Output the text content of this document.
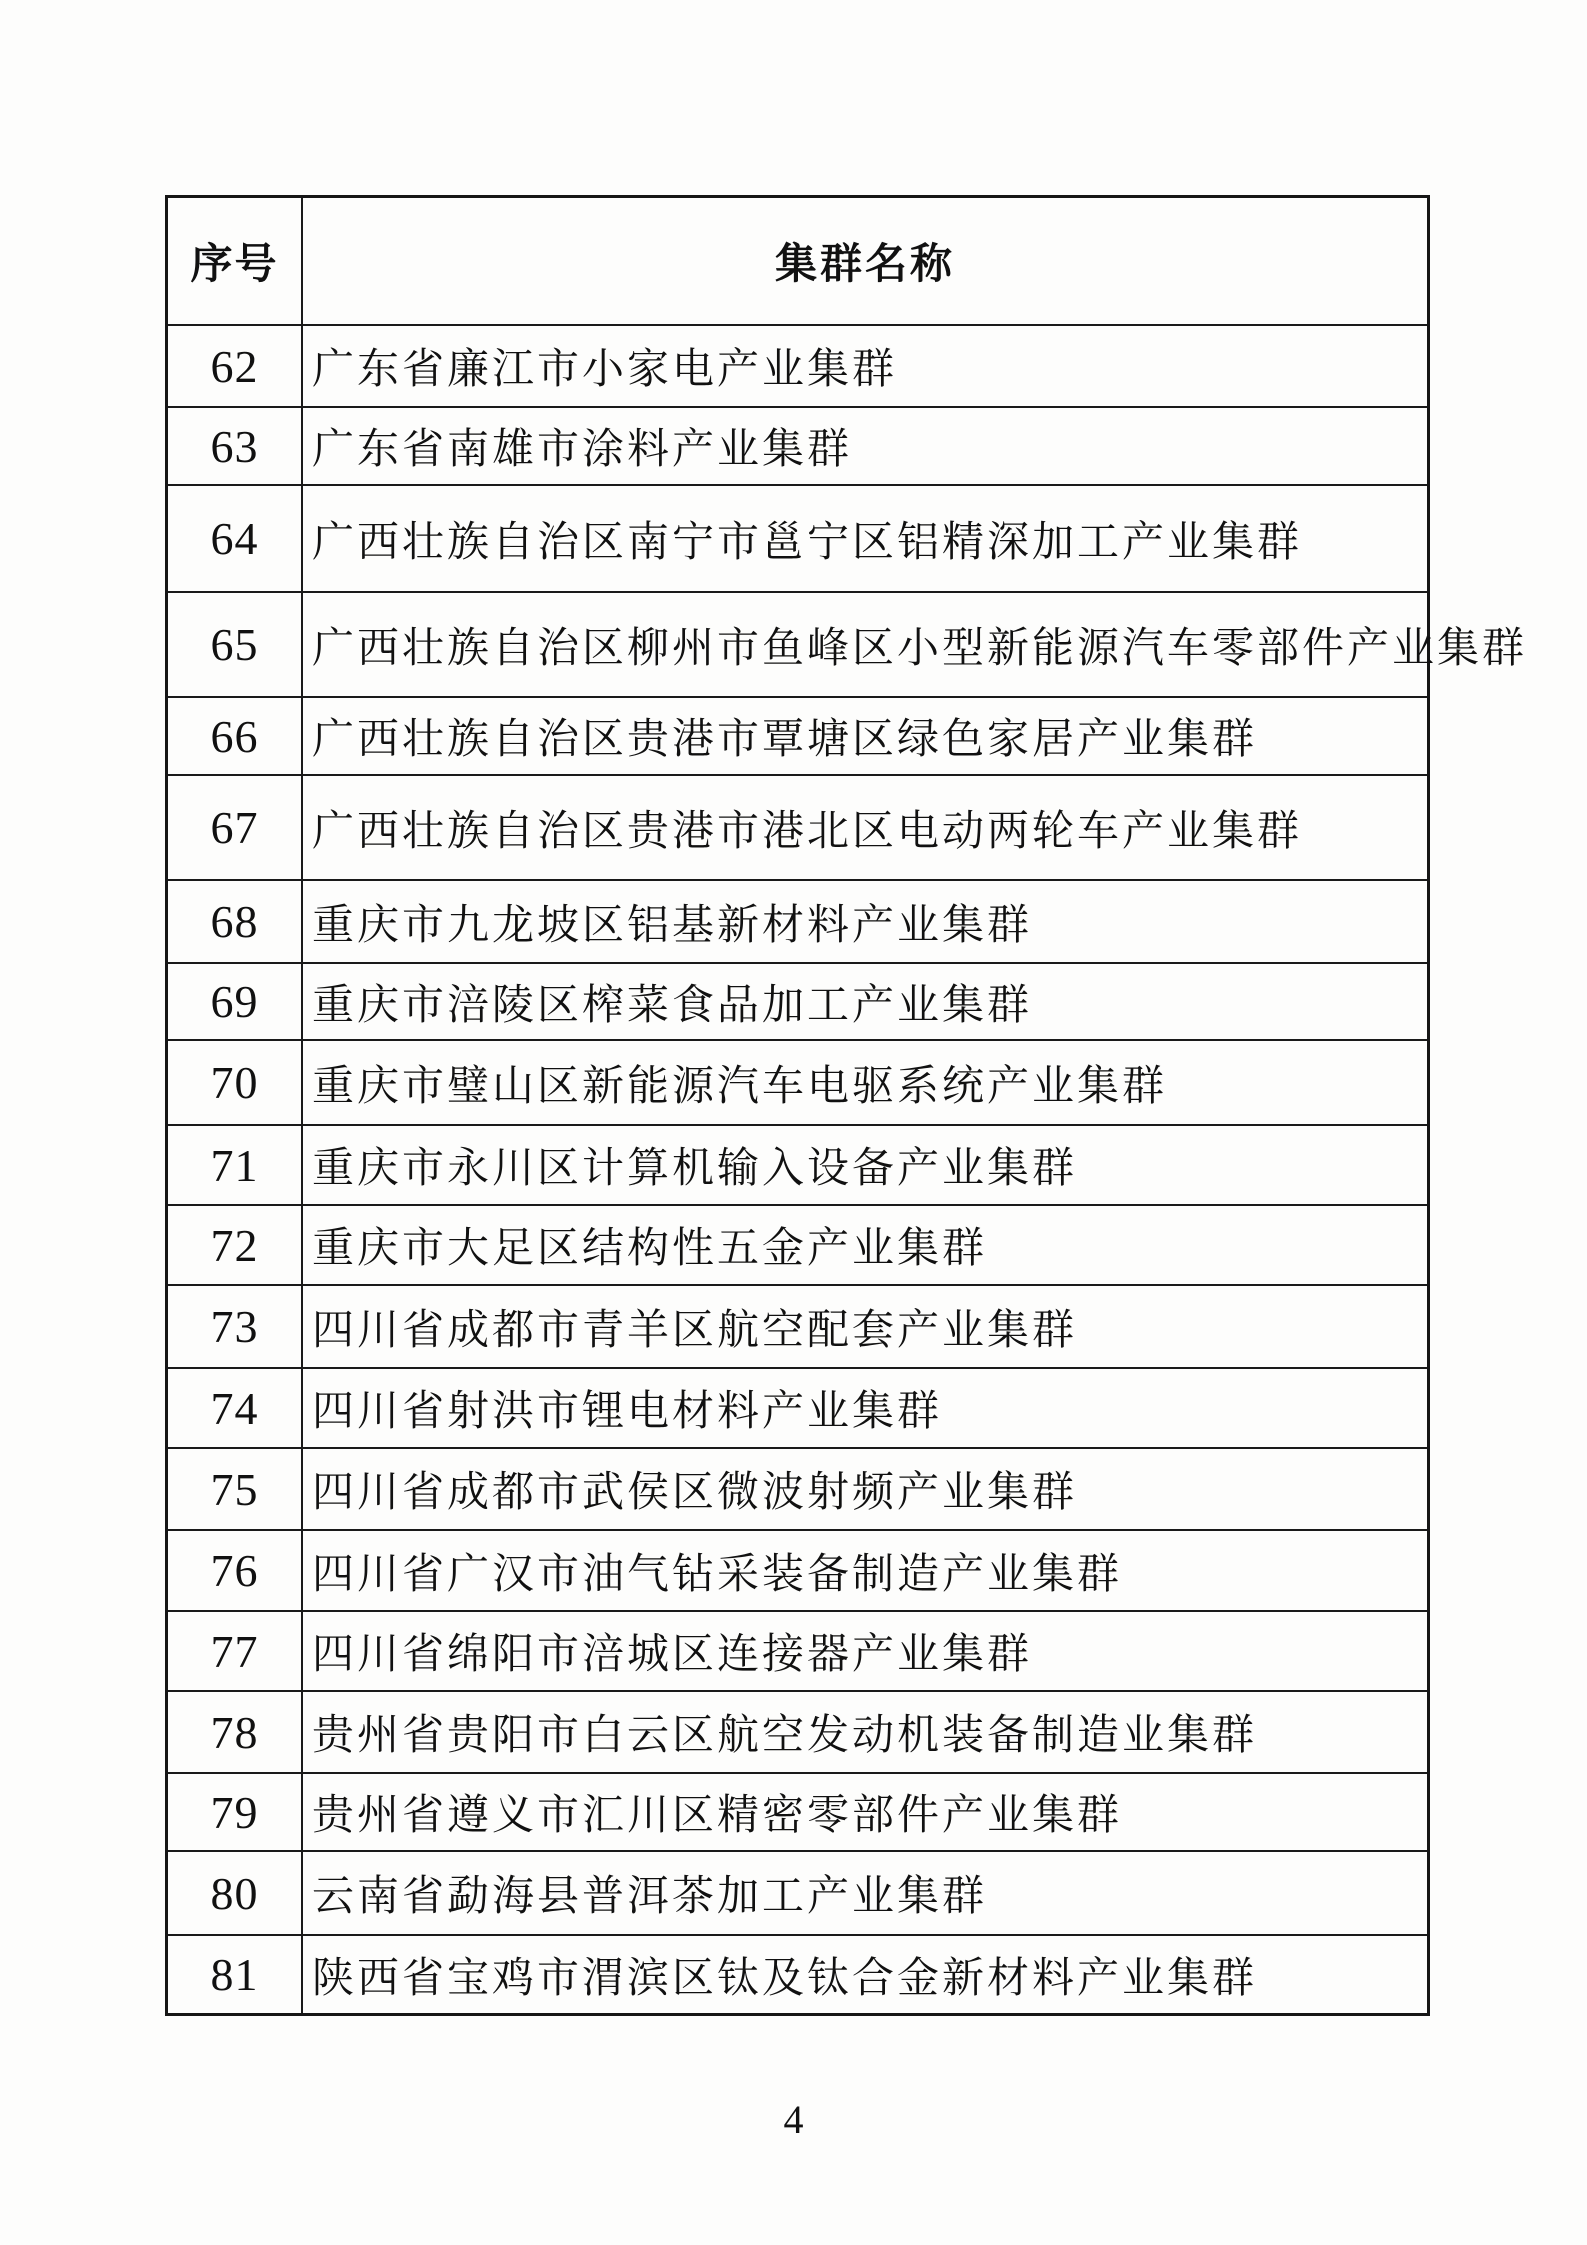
序号	集群名称
62	广东省廉江市小家电产业集群
63	广东省南雄市涂料产业集群
64	广西壮族自治区南宁市邕宁区铝精深加工产业集群
65	广西壮族自治区柳州市鱼峰区小型新能源汽车零部件产业集群
66	广西壮族自治区贵港市覃塘区绿色家居产业集群
67	广西壮族自治区贵港市港北区电动两轮车产业集群
68	重庆市九龙坡区铝基新材料产业集群
69	重庆市涪陵区榨菜食品加工产业集群
70	重庆市璧山区新能源汽车电驱系统产业集群
71	重庆市永川区计算机输入设备产业集群
72	重庆市大足区结构性五金产业集群
73	四川省成都市青羊区航空配套产业集群
74	四川省射洪市锂电材料产业集群
75	四川省成都市武侯区微波射频产业集群
76	四川省广汉市油气钻采装备制造产业集群
77	四川省绵阳市涪城区连接器产业集群
78	贵州省贵阳市白云区航空发动机装备制造业集群
79	贵州省遵义市汇川区精密零部件产业集群
80	云南省勐海县普洱茶加工产业集群
81	陕西省宝鸡市渭滨区钛及钛合金新材料产业集群
4
